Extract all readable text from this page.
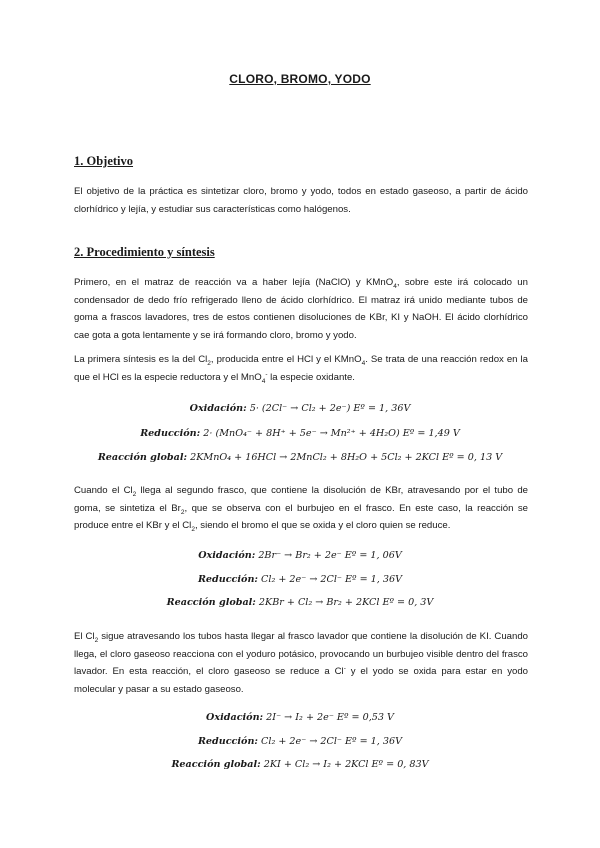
CLORO, BROMO, YODO
1. Objetivo
El objetivo de la práctica es sintetizar cloro, bromo y yodo, todos en estado gaseoso, a partir de ácido clorhídrico y lejía, y estudiar sus características como halógenos.
2. Procedimiento y síntesis
Primero, en el matraz de reacción va a haber lejía (NaClO) y KMnO$_4$, sobre este irá colocado un condensador de dedo frío refrigerado lleno de ácido clorhídrico. El matraz irá unido mediante tubos de goma a frascos lavadores, tres de estos contienen disoluciones de KBr, KI y NaOH. El ácido clorhídrico cae gota a gota lentamente y se irá formando cloro, bromo y yodo.
La primera síntesis es la del $Cl_2$, producida entre el HCl y el KMnO$_4$. Se trata de una reacción redox en la que el HCl es la especie reductora y el MnO$_4$- la especie oxidante.
Oxidación: 5· (2Cl⁻ → Cl₂ + 2e⁻) Eº = 1, 36V
Reducción: 2· (MnO₄⁻ + 8H⁺ + 5e⁻ → Mn²⁺ + 4H₂O) Eº = 1,49 V
Reacción global: 2KMnO₄ + 16HCl → 2MnCl₂ + 8H₂O + 5Cl₂ + 2KCl Eº = 0, 13 V
Cuando el $Cl_2$ llega al segundo frasco, que contiene la disolución de KBr, atravesando por el tubo de goma, se sintetiza el $Br_2$, que se observa con el burbujeo en el frasco. En este caso, la reacción se produce entre el KBr y el $Cl_2$, siendo el bromo el que se oxida y el cloro quien se reduce.
Oxidación: 2Br⁻ → Br₂ + 2e⁻ Eº = 1, 06V
Reducción: Cl₂ + 2e⁻ → 2Cl⁻ Eº = 1, 36V
Reacción global: 2KBr + Cl₂ → Br₂ + 2KCl Eº = 0, 3V
El $Cl_2$ sigue atravesando los tubos hasta llegar al frasco lavador que contiene la disolución de KI. Cuando llega, el cloro gaseoso reacciona con el yoduro potásico, provocando un burbujeo visible dentro del frasco lavador. En esta reacción, el cloro gaseoso se reduce a Cl- y el yodo se oxida para estar en yodo molecular y pasar a su estado gaseoso.
Oxidación: 2I⁻ → I₂ + 2e⁻ Eº = 0,53 V
Reducción: Cl₂ + 2e⁻ → 2Cl⁻ Eº = 1, 36V
Reacción global: 2KI + Cl₂ → I₂ + 2KCl Eº = 0, 83V
